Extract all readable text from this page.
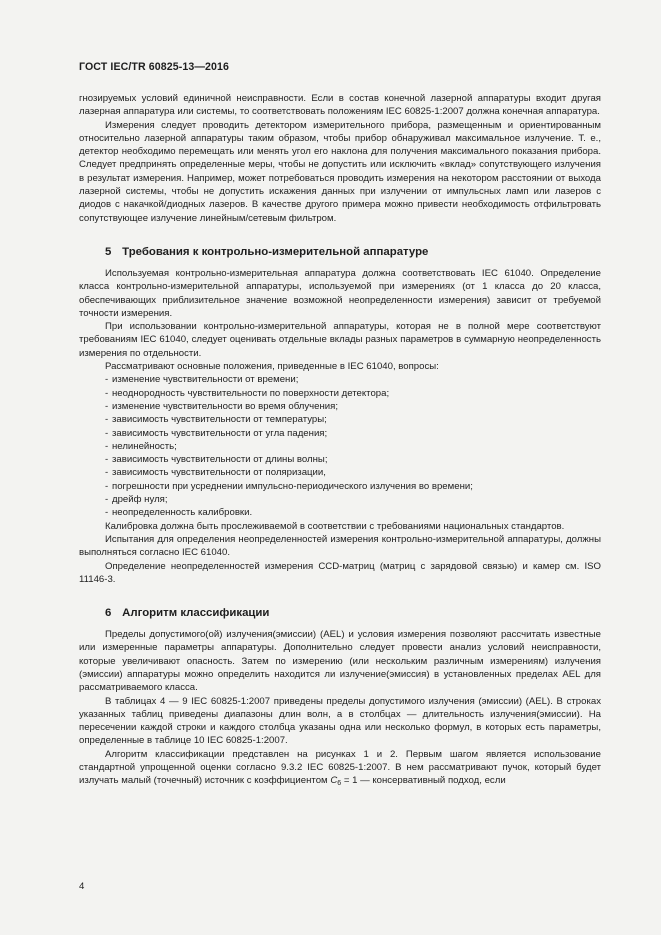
ГОСТ IEC/TR 60825-13—2016

гнозируемых условий единичной неисправности. Если в состав конечной лазерной аппаратуры входит другая лазерная аппаратура или системы, то соответствовать положениям IEC 60825-1:2007 должна конечная аппаратура.

Измерения следует проводить детектором измерительного прибора, размещенным и ориентированным относительно лазерной аппаратуры таким образом, чтобы прибор обнаруживал максимальное излучение. Т. е., детектор необходимо перемещать или менять угол его наклона для получения максимального показания прибора. Следует предпринять определенные меры, чтобы не допустить или исключить «вклад» сопутствующего излучения в результат измерения. Например, может потребоваться проводить измерения на некотором расстоянии от выхода лазерной системы, чтобы не допустить искажения данных при излучении от импульсных ламп или лазеров с диодов с накачкой/диодных лазеров. В качестве другого примера можно привести необходимость отфильтровать сопутствующее излучение линейным/сетевым фильтром.

5 Требования к контрольно-измерительной аппаратуре

Используемая контрольно-измерительная аппаратура должна соответствовать IEC 61040. Определение класса контрольно-измерительной аппаратуры, используемой при измерениях (от 1 класса до 20 класса, обеспечивающих приблизительное значение возможной неопределенности измерения) зависит от требуемой точности измерения.

При использовании контрольно-измерительной аппаратуры, которая не в полной мере соответствуют требованиям IEC 61040, следует оценивать отдельные вклады разных параметров в суммарную неопределенность измерения по отдельности.

Рассматривают основные положения, приведенные в IEC 61040, вопросы:

- изменение чувствительности от времени;

- неоднородность чувствительности по поверхности детектора;

- изменение чувствительности во время облучения;

- зависимость чувствительности от температуры;

- зависимость чувствительности от угла падения;

- нелинейность;

- зависимость чувствительности от длины волны;

- зависимость чувствительности от поляризации,

- погрешности при усреднении импульсно-периодического излучения во времени;

- дрейф нуля;

- неопределенность калибровки.

Калибровка должна быть прослеживаемой в соответствии с требованиями национальных стандартов.

Испытания для определения неопределенностей измерения контрольно-измерительной аппаратуры, должны выполняться согласно IEC 61040.

Определение неопределенностей измерения CCD-матриц (матриц с зарядовой связью) и камер см. ISO 11146-3.

6 Алгоритм классификации

Пределы допустимого(ой) излучения(эмиссии) (AEL) и условия измерения позволяют рассчитать известные или измеренные параметры аппаратуры. Дополнительно следует провести анализ условий неисправности, которые увеличивают опасность. Затем по измерению (или нескольким различным измерениям) излучения (эмиссии) аппаратуры можно определить находится ли излучение(эмиссия) в установленных пределах AEL для рассматриваемого класса.

В таблицах 4 — 9 IEC 60825-1:2007 приведены пределы допустимого излучения (эмиссии) (AEL). В строках указанных таблиц приведены диапазоны длин волн, а в столбцах — длительность излучения(эмиссии). На пересечении каждой строки и каждого столбца указаны одна или несколько формул, в которых есть параметры, определенные в таблице 10 IEC 60825-1:2007.

Алгоритм классификации представлен на рисунках 1 и 2. Первым шагом является использование стандартной упрощенной оценки согласно 9.3.2 IEC 60825-1:2007. В нем рассматривают пучок, который будет излучать малый (точечный) источник с коэффициентом $C_6 = 1$ — консервативный подход, если

4
